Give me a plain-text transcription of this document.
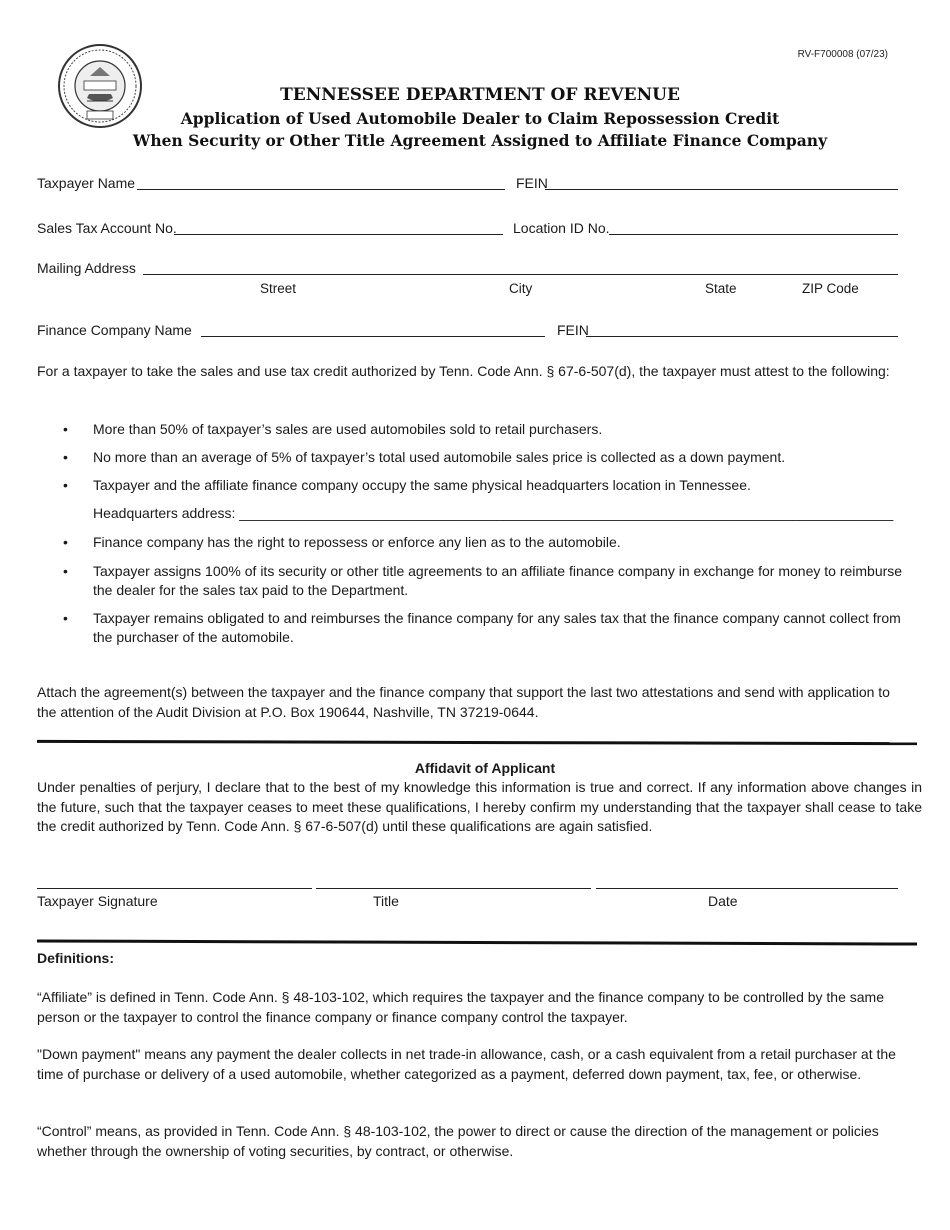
RV-F700008 (07/23)
TENNESSEE DEPARTMENT OF REVENUE
Application of Used Automobile Dealer to Claim Repossession Credit
When Security or Other Title Agreement Assigned to Affiliate Finance Company
Taxpayer Name	FEIN
Sales Tax Account No.	Location ID No.
Mailing Address
Street	City	State	ZIP Code
Finance Company Name	FEIN
For a taxpayer to take the sales and use tax credit authorized by Tenn. Code Ann. § 67-6-507(d), the taxpayer must attest to the following:
• More than 50% of taxpayer’s sales are used automobiles sold to retail purchasers.
• No more than an average of 5% of taxpayer’s total used automobile sales price is collected as a down payment.
• Taxpayer and the affiliate finance company occupy the same physical headquarters location in Tennessee.
Headquarters address: ____________________________________________________________________________________
• Finance company has the right to repossess or enforce any lien as to the automobile.
• Taxpayer assigns 100% of its security or other title agreements to an affiliate finance company in exchange for money to reimburse the dealer for the sales tax paid to the Department.
• Taxpayer remains obligated to and reimburses the finance company for any sales tax that the finance company cannot collect from the purchaser of the automobile.
Attach the agreement(s) between the taxpayer and the finance company that support the last two attestations and send with application to the attention of the Audit Division at P.O. Box 190644, Nashville, TN 37219-0644.
Affidavit of Applicant
Under penalties of perjury, I declare that to the best of my knowledge this information is true and correct. If any information above changes in the future, such that the taxpayer ceases to meet these qualifications, I hereby confirm my understanding that the taxpayer shall cease to take the credit authorized by Tenn. Code Ann. § 67-6-507(d) until these qualifications are again satisfied.
Taxpayer Signature	Title	Date
Definitions:
“Affiliate” is defined in Tenn. Code Ann. § 48-103-102, which requires the taxpayer and the finance company to be controlled by the same person or the taxpayer to control the finance company or finance company control the taxpayer.
"Down payment" means any payment the dealer collects in net trade-in allowance, cash, or a cash equivalent from a retail purchaser at the time of purchase or delivery of a used automobile, whether categorized as a payment, deferred down payment, tax, fee, or otherwise.
“Control” means, as provided in Tenn. Code Ann. § 48-103-102, the power to direct or cause the direction of the management or policies whether through the ownership of voting securities, by contract, or otherwise.
